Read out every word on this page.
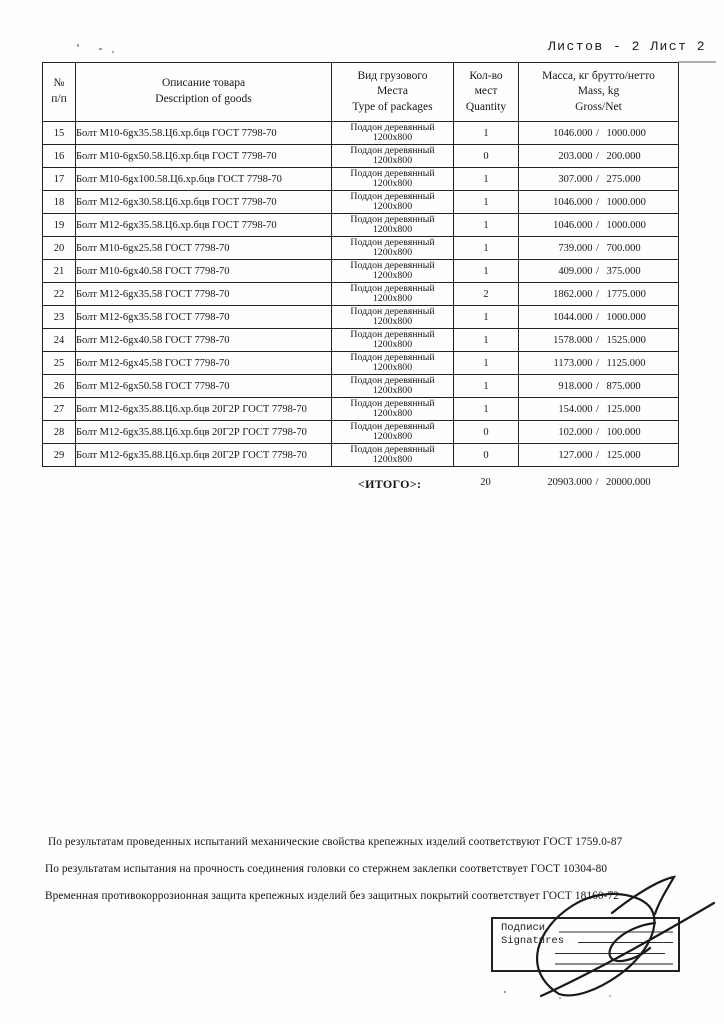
Листов - 2 Лист 2
№
п/п	Описание товара
Description of goods	Вид грузового
Места
Type of packages	Кол-во
мест
Quantity	Масса, кг брутто/нетто
Mass, kg
Gross/Net
15	Болт М10-6gх35.58.Ц6.хр.бцв ГОСТ 7798-70	Поддон деревянный
1200х800	1	1046.000 / 1000.000
16	Болт М10-6gх50.58.Ц6.хр.бцв ГОСТ 7798-70	Поддон деревянный
1200х800	0	203.000 / 200.000
17	Болт М10-6gх100.58.Ц6.хр.бцв ГОСТ 7798-70	Поддон деревянный
1200х800	1	307.000 / 275.000
18	Болт М12-6gх30.58.Ц6.хр.бцв ГОСТ 7798-70	Поддон деревянный
1200х800	1	1046.000 / 1000.000
19	Болт М12-6gх35.58.Ц6.хр.бцв ГОСТ 7798-70	Поддон деревянный
1200х800	1	1046.000 / 1000.000
20	Болт М10-6gх25.58 ГОСТ 7798-70	Поддон деревянный
1200х800	1	739.000 / 700.000
21	Болт М10-6gх40.58 ГОСТ 7798-70	Поддон деревянный
1200х800	1	409.000 / 375.000
22	Болт М12-6gх35.58 ГОСТ 7798-70	Поддон деревянный
1200х800	2	1862.000 / 1775.000
23	Болт М12-6gх35.58 ГОСТ 7798-70	Поддон деревянный
1200х800	1	1044.000 / 1000.000
24	Болт М12-6gх40.58 ГОСТ 7798-70	Поддон деревянный
1200х800	1	1578.000 / 1525.000
25	Болт М12-6gх45.58 ГОСТ 7798-70	Поддон деревянный
1200х800	1	1173.000 / 1125.000
26	Болт М12-6gх50.58 ГОСТ 7798-70	Поддон деревянный
1200х800	1	918.000 / 875.000
27	Болт М12-6gх35.88.Ц6.хр.бцв 20Г2Р ГОСТ 7798-70	Поддон деревянный
1200х800	1	154.000 / 125.000
28	Болт М12-6gх35.88.Ц6.хр.бцв 20Г2Р ГОСТ 7798-70	Поддон деревянный
1200х800	0	102.000 / 100.000
29	Болт М12-6gх35.88.Ц6.хр.бцв 20Г2Р ГОСТ 7798-70	Поддон деревянный
1200х800	0	127.000 / 125.000
<ИТОГО>:	20	20903.000 / 20000.000

По результатам проведенных испытаний механические свойства крепежных изделий соответствуют ГОСТ 1759.0-87

По результатам испытания на прочность соединения головки со стержнем заклепки соответствует ГОСТ 10304-80

Временная противокоррозионная защита крепежных изделий без защитных покрытий соответствует ГОСТ 18160-72

Подписи
Signatures
